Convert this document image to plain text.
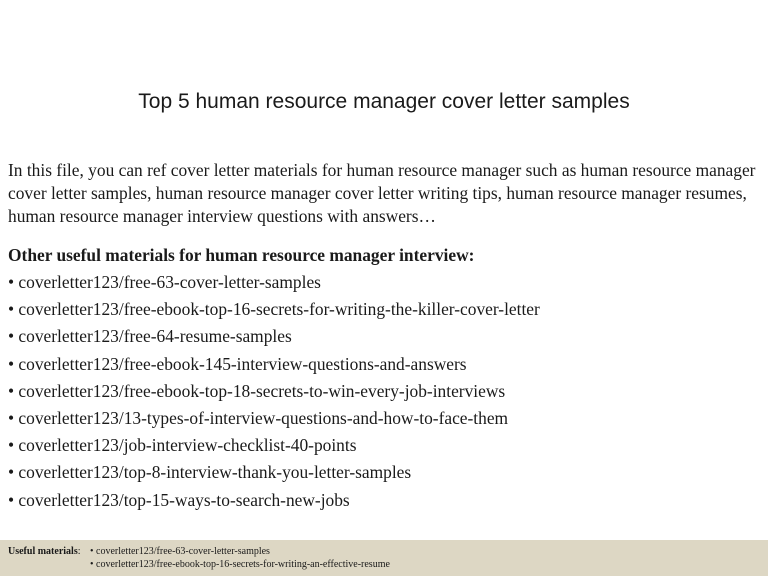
Top 5 human resource manager cover letter samples

In this file, you can ref cover letter materials for human resource manager such as human resource manager cover letter samples, human resource manager cover letter writing tips, human resource manager resumes, human resource manager interview questions with answers…

Other useful materials for human resource manager interview:

• coverletter123/free-63-cover-letter-samples
• coverletter123/free-ebook-top-16-secrets-for-writing-the-killer-cover-letter
• coverletter123/free-64-resume-samples
• coverletter123/free-ebook-145-interview-questions-and-answers
• coverletter123/free-ebook-top-18-secrets-to-win-every-job-interviews
• coverletter123/13-types-of-interview-questions-and-how-to-face-them
• coverletter123/job-interview-checklist-40-points
• coverletter123/top-8-interview-thank-you-letter-samples
• coverletter123/top-15-ways-to-search-new-jobs
Useful materials: • coverletter123/free-63-cover-letter-samples
• coverletter123/free-ebook-top-16-secrets-for-writing-an-effective-resume
